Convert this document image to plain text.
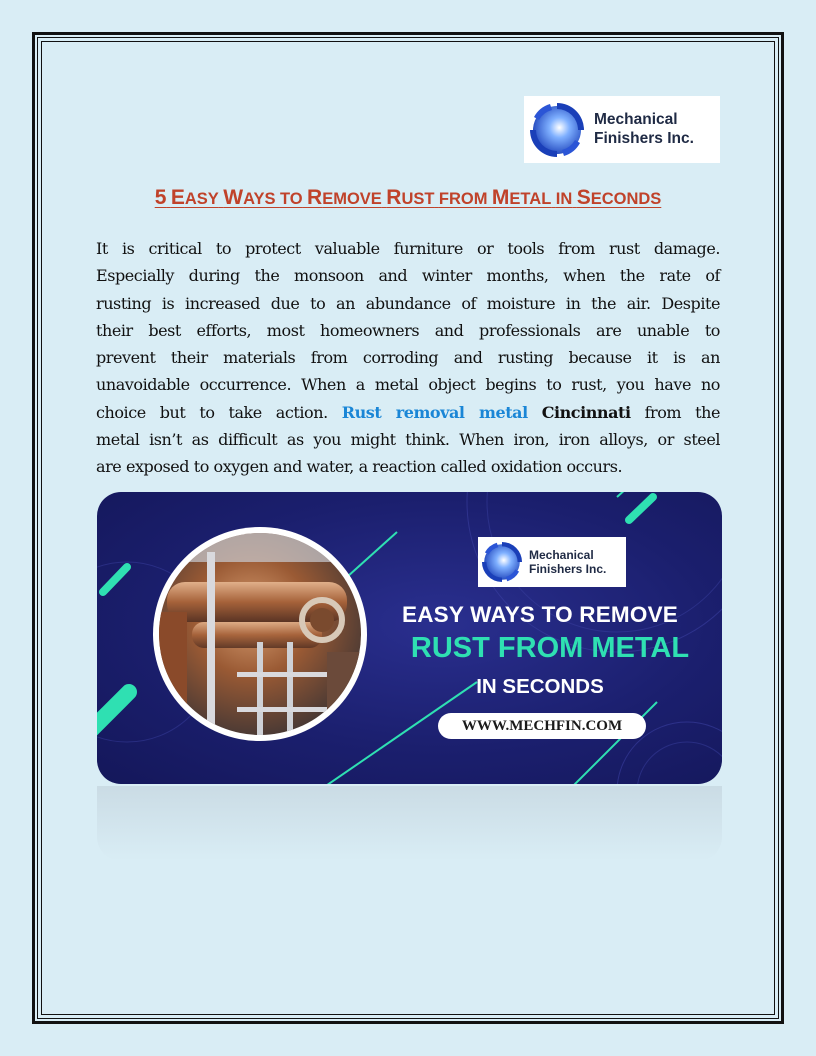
Mechanical
Finishers Inc.
5 EASY WAYS TO REMOVE RUST FROM METAL IN SECONDS

It is critical to protect valuable furniture or tools from rust damage.
Especially during the monsoon and winter months, when the rate of
rusting is increased due to an abundance of moisture in the air. Despite
their best efforts, most homeowners and professionals are unable to
prevent their materials from corroding and rusting because it is an
unavoidable occurrence. When a metal object begins to rust, you have no
choice but to take action. Rust removal metal Cincinnati from the
metal isn’t as difficult as you might think. When iron, iron alloys, or steel
are exposed to oxygen and water, a reaction called oxidation occurs.

Mechanical
Finishers Inc.
EASY WAYS TO REMOVE
RUST FROM METAL
IN SECONDS
WWW.MECHFIN.COM
